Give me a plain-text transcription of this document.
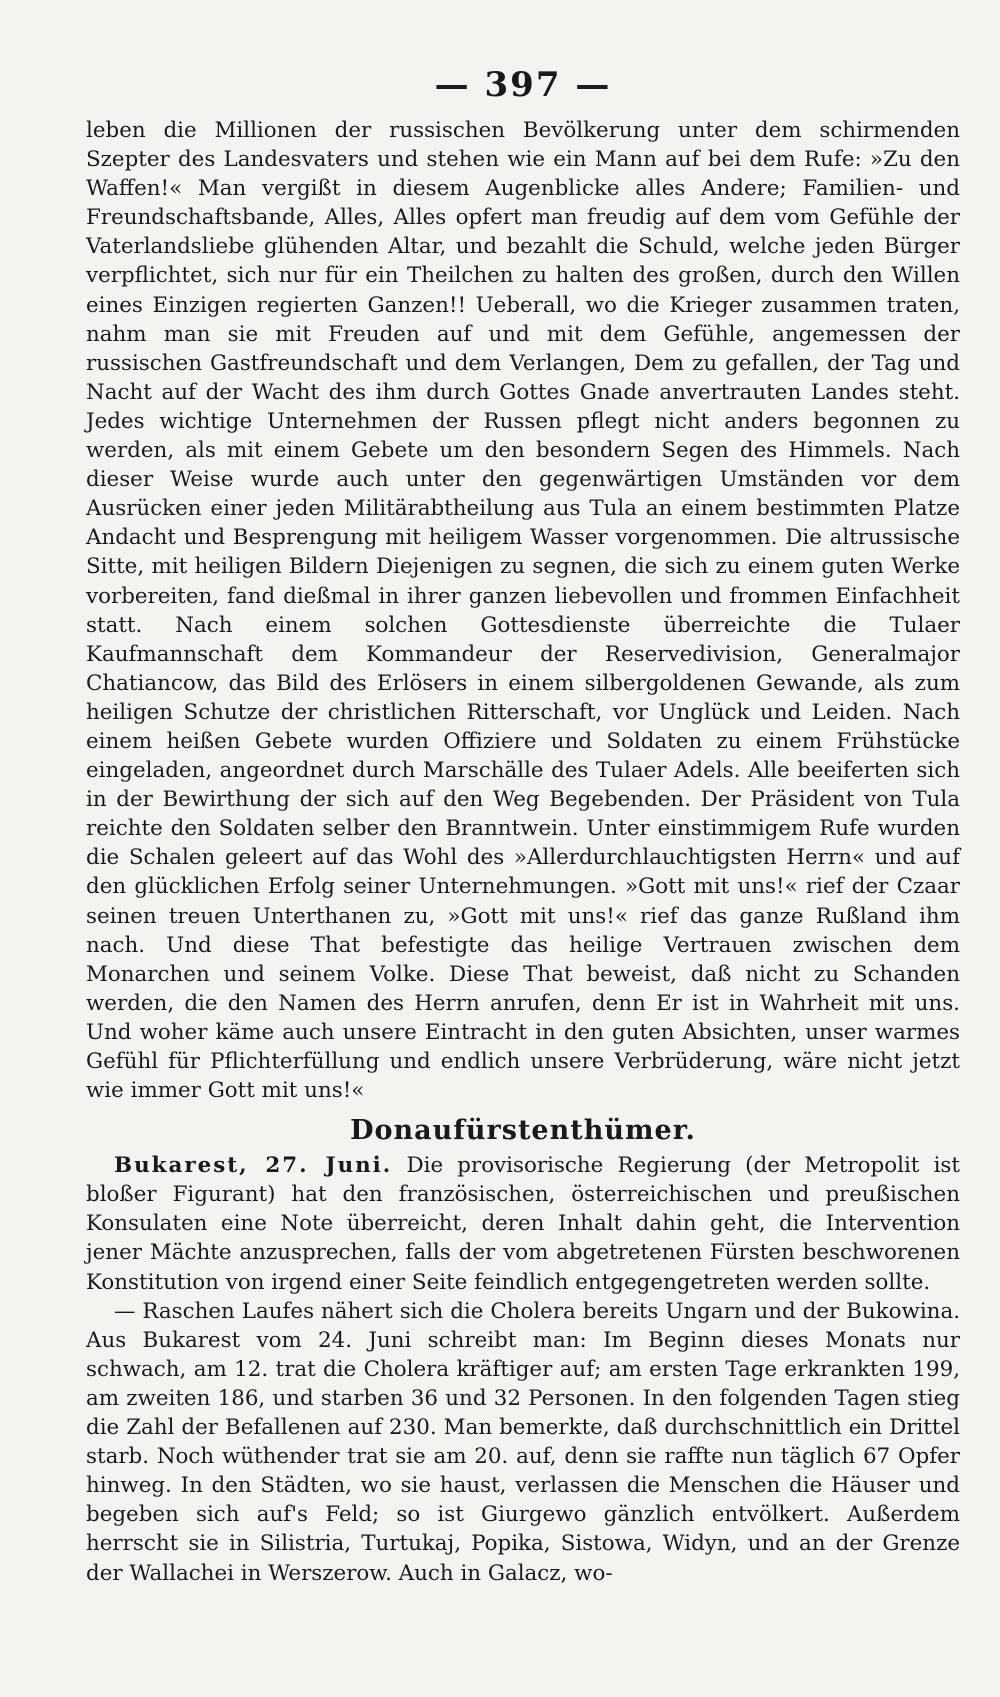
— 397 —

leben die Millionen der russischen Bevölkerung unter dem schirmenden Szepter des Landesvaters und stehen wie ein Mann auf bei dem Rufe: »Zu den Waffen!« Man vergißt in diesem Augenblicke alles Andere; Familien- und Freundschaftsbande, Alles, Alles opfert man freudig auf dem vom Gefühle der Vaterlandsliebe glühenden Altar, und bezahlt die Schuld, welche jeden Bürger verpflichtet, sich nur für ein Theilchen zu halten des großen, durch den Willen eines Einzigen regierten Ganzen!! Ueberall, wo die Krieger zusammen traten, nahm man sie mit Freuden auf und mit dem Gefühle, angemessen der russischen Gastfreundschaft und dem Verlangen, Dem zu gefallen, der Tag und Nacht auf der Wacht des ihm durch Gottes Gnade anvertrauten Landes steht. Jedes wichtige Unternehmen der Russen pflegt nicht anders begonnen zu werden, als mit einem Gebete um den besondern Segen des Himmels. Nach dieser Weise wurde auch unter den gegenwärtigen Umständen vor dem Ausrücken einer jeden Militärabtheilung aus Tula an einem bestimmten Platze Andacht und Besprengung mit heiligem Wasser vorgenommen. Die altrussische Sitte, mit heiligen Bildern Diejenigen zu segnen, die sich zu einem guten Werke vorbereiten, fand dießmal in ihrer ganzen liebevollen und frommen Einfachheit statt. Nach einem solchen Gottesdienste überreichte die Tulaer Kaufmannschaft dem Kommandeur der Reservedivision, Generalmajor Chatiancow, das Bild des Erlösers in einem silbergoldenen Gewande, als zum heiligen Schutze der christlichen Ritterschaft, vor Unglück und Leiden. Nach einem heißen Gebete wurden Offiziere und Soldaten zu einem Frühstücke eingeladen, angeordnet durch Marschälle des Tulaer Adels. Alle beeiferten sich in der Bewirthung der sich auf den Weg Begebenden. Der Präsident von Tula reichte den Soldaten selber den Branntwein. Unter einstimmigem Rufe wurden die Schalen geleert auf das Wohl des »Allerdurchlauchtigsten Herrn« und auf den glücklichen Erfolg seiner Unternehmungen. »Gott mit uns!« rief der Czaar seinen treuen Unterthanen zu, »Gott mit uns!« rief das ganze Rußland ihm nach. Und diese That befestigte das heilige Vertrauen zwischen dem Monarchen und seinem Volke. Diese That beweist, daß nicht zu Schanden werden, die den Namen des Herrn anrufen, denn Er ist in Wahrheit mit uns. Und woher käme auch unsere Eintracht in den guten Absichten, unser warmes Gefühl für Pflichterfüllung und endlich unsere Verbrüderung, wäre nicht jetzt wie immer Gott mit uns!«

Donaufürstenthümer.

Bukarest, 27. Juni. Die provisorische Regierung (der Metropolit ist bloßer Figurant) hat den französischen, österreichischen und preußischen Konsulaten eine Note überreicht, deren Inhalt dahin geht, die Intervention jener Mächte anzusprechen, falls der vom abgetretenen Fürsten beschworenen Konstitution von irgend einer Seite feindlich entgegengetreten werden sollte.

— Raschen Laufes nähert sich die Cholera bereits Ungarn und der Bukowina. Aus Bukarest vom 24. Juni schreibt man: Im Beginn dieses Monats nur schwach, am 12. trat die Cholera kräftiger auf; am ersten Tage erkrankten 199, am zweiten 186, und starben 36 und 32 Personen. In den folgenden Tagen stieg die Zahl der Befallenen auf 230. Man bemerkte, daß durchschnittlich ein Drittel starb. Noch wüthender trat sie am 20. auf, denn sie raffte nun täglich 67 Opfer hinweg. In den Städten, wo sie haust, verlassen die Menschen die Häuser und begeben sich auf's Feld; so ist Giurgewo gänzlich entvölkert. Außerdem herrscht sie in Silistria, Turtukaj, Popika, Sistowa, Widyn, und an der Grenze der Wallachei in Werszerow. Auch in Galacz, wo-
